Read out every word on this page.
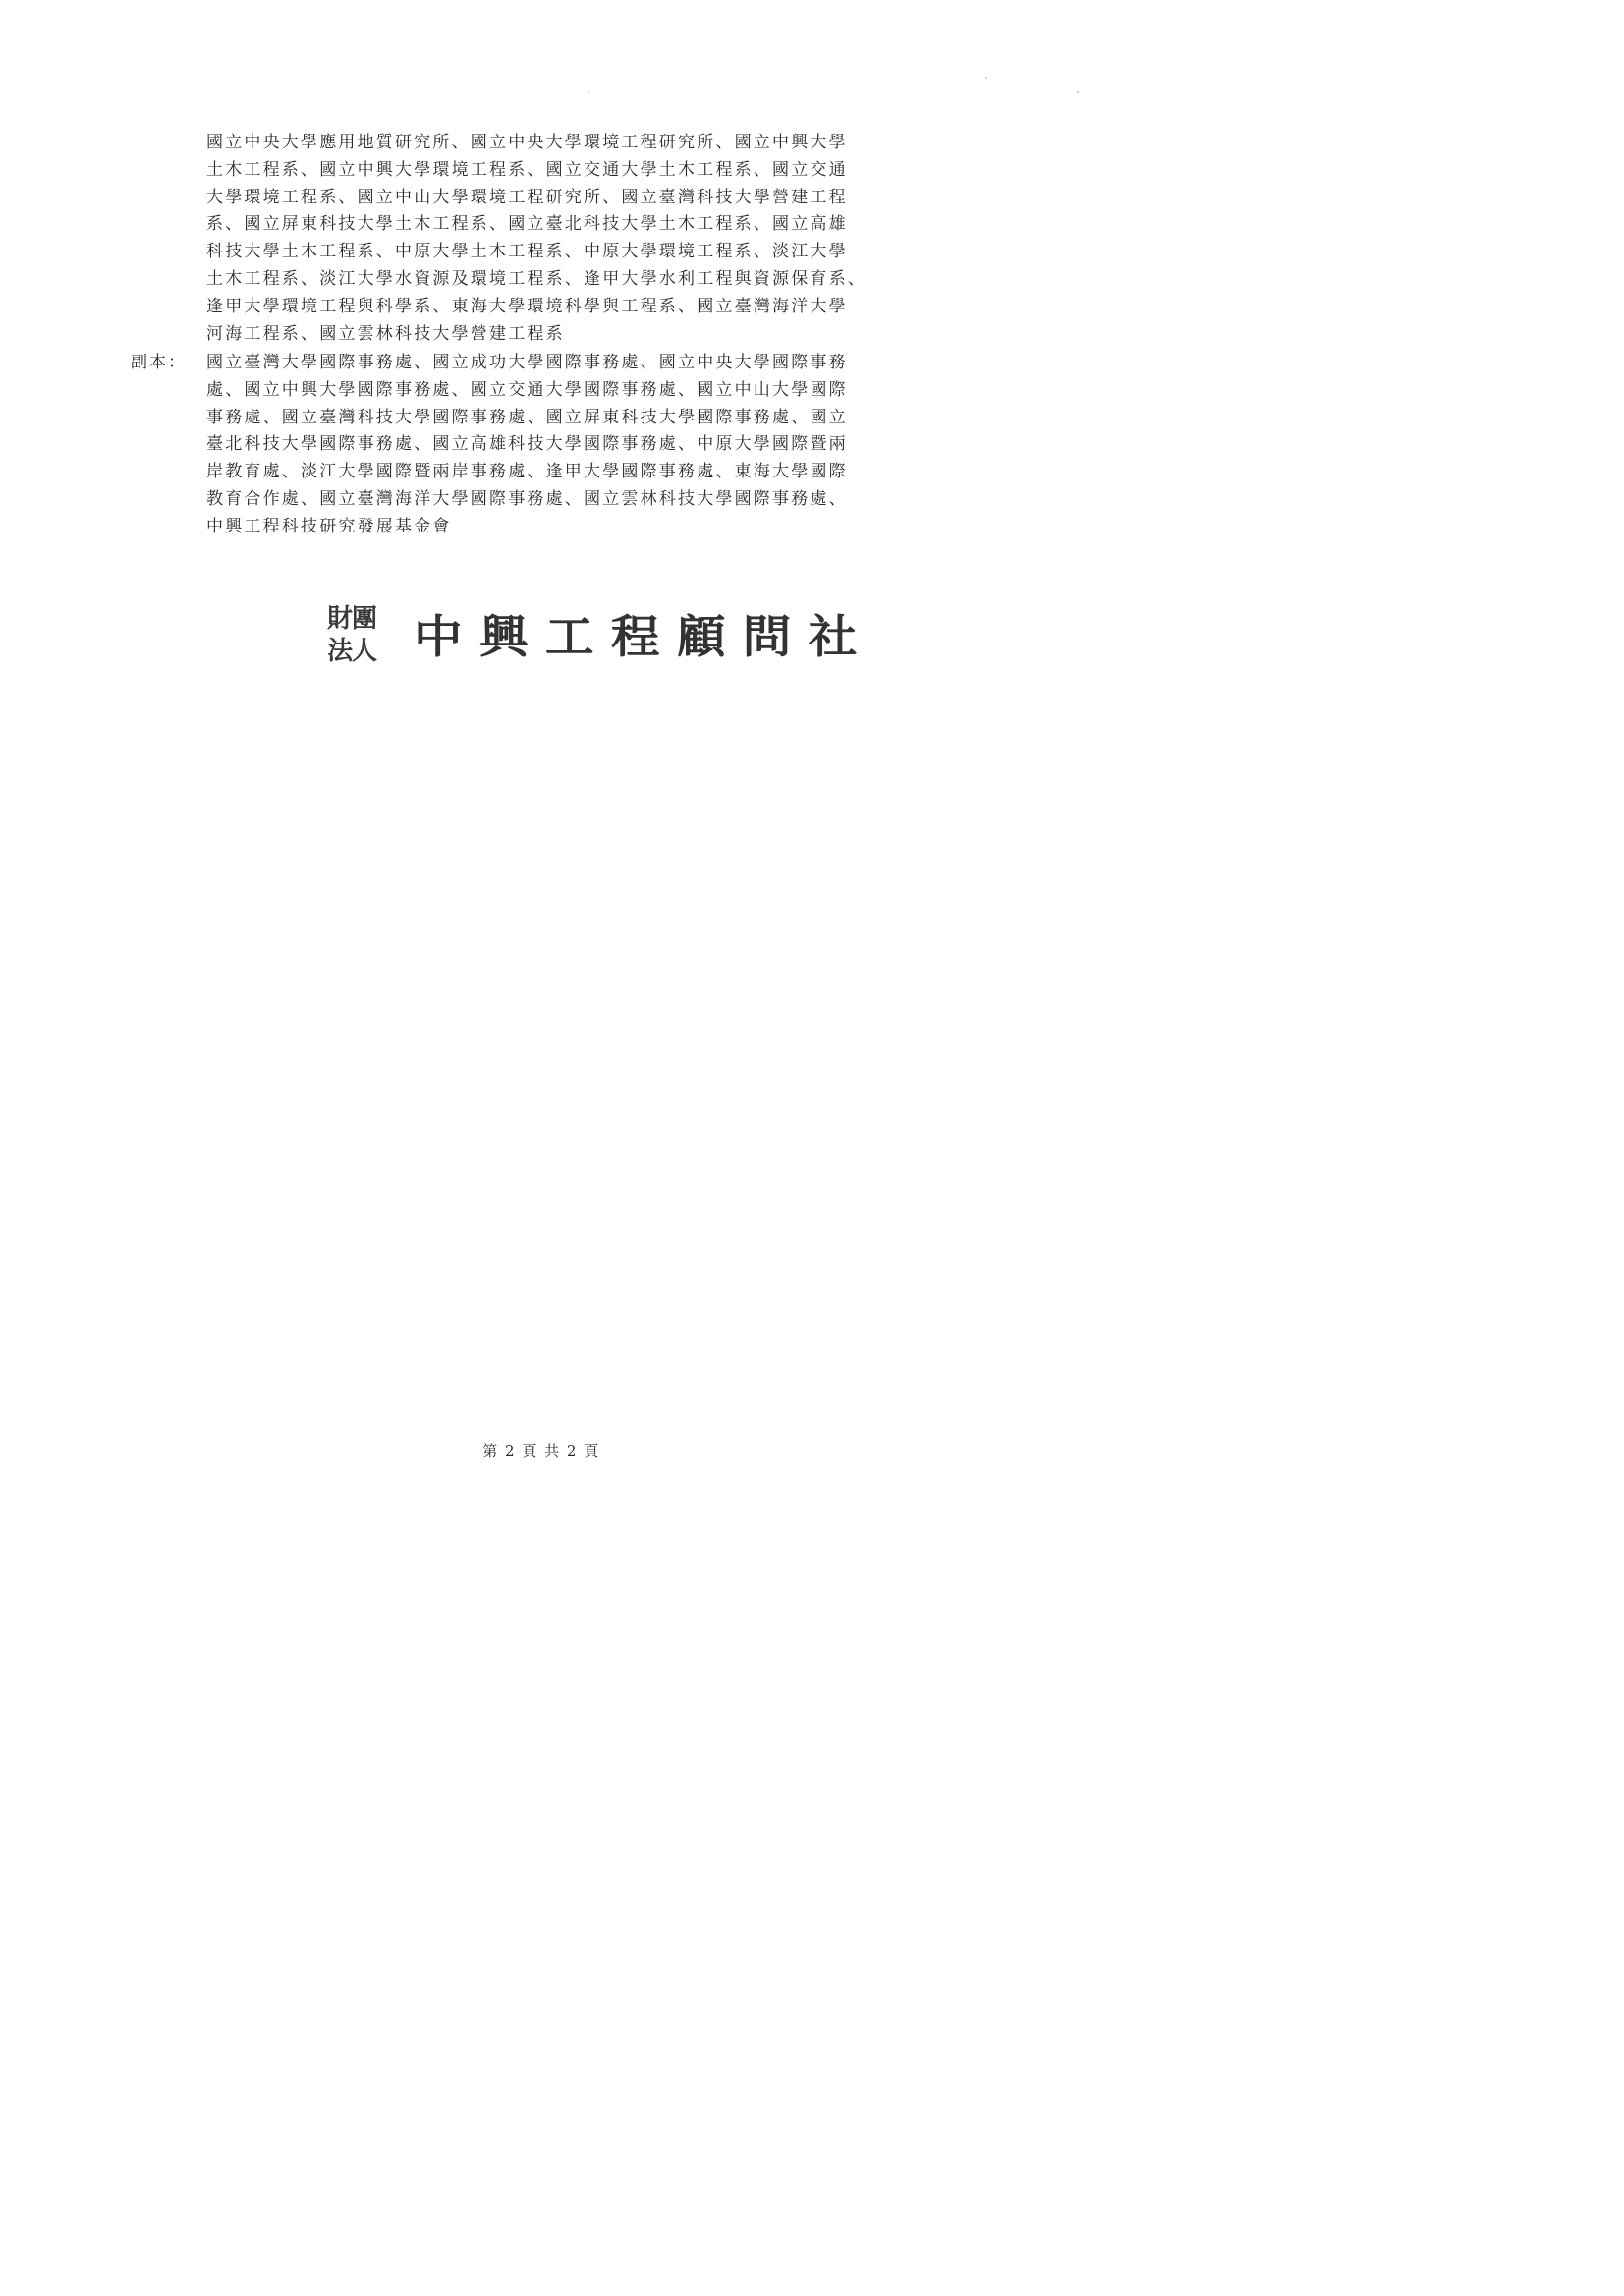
國立中央大學應用地質研究所、國立中央大學環境工程研究所、國立中興大學
土木工程系、國立中興大學環境工程系、國立交通大學土木工程系、國立交通
大學環境工程系、國立中山大學環境工程研究所、國立臺灣科技大學營建工程
系、國立屏東科技大學土木工程系、國立臺北科技大學土木工程系、國立高雄
科技大學土木工程系、中原大學土木工程系、中原大學環境工程系、淡江大學
土木工程系、淡江大學水資源及環境工程系、逢甲大學水利工程與資源保育系、
逢甲大學環境工程與科學系、東海大學環境科學與工程系、國立臺灣海洋大學
河海工程系、國立雲林科技大學營建工程系
副本： 國立臺灣大學國際事務處、國立成功大學國際事務處、國立中央大學國際事務
處、國立中興大學國際事務處、國立交通大學國際事務處、國立中山大學國際
事務處、國立臺灣科技大學國際事務處、國立屏東科技大學國際事務處、國立
臺北科技大學國際事務處、國立高雄科技大學國際事務處、中原大學國際暨兩
岸教育處、淡江大學國際暨兩岸事務處、逢甲大學國際事務處、東海大學國際
教育合作處、國立臺灣海洋大學國際事務處、國立雲林科技大學國際事務處、
中興工程科技研究發展基金會
財團
法人 中興工程顧問社
第 2 頁 共 2 頁
